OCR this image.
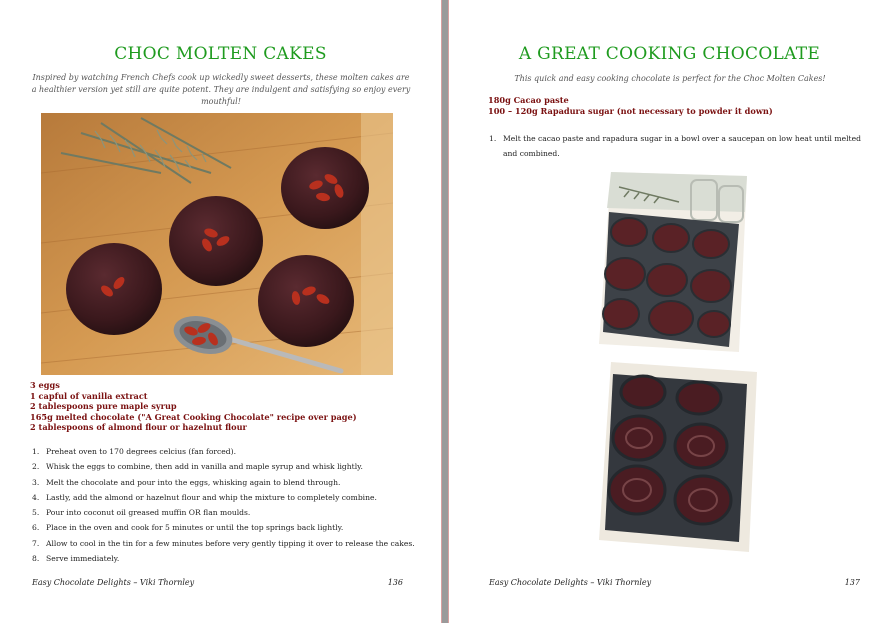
CHOC MOLTEN CAKES
Inspired by watching French Chefs cook up wickedly sweet desserts, these molten cakes are a healthier version yet still are quite potent. They are indulgent and satisfying so enjoy every mouthful!
3 eggs
1 capful of vanilla extract
2 tablespoons pure maple syrup
165g melted chocolate ("A Great Cooking Chocolate" recipe over page)
2 tablespoons of almond flour or hazelnut flour
1. Preheat oven to 170 degrees celcius (fan forced).
2. Whisk the eggs to combine, then add in vanilla and maple syrup and whisk lightly.
3. Melt the chocolate and pour into the eggs, whisking again to blend through.
4. Lastly, add the almond or hazelnut flour and whip the mixture to completely combine.
5. Pour into coconut oil greased muffin OR flan moulds.
6. Place in the oven and cook for 5 minutes or until the top springs back lightly.
7. Allow to cool in the tin for a few minutes before very gently tipping it over to release the cakes.
8. Serve immediately.
Easy Chocolate Delights – Viki Thornley	136
A GREAT COOKING CHOCOLATE
This quick and easy cooking chocolate is perfect for the Choc Molten Cakes!
180g Cacao paste
100 – 120g Rapadura sugar (not necessary to powder it down)
1. Melt the cacao paste and rapadura sugar in a bowl over a saucepan on low heat until melted and combined.
Easy Chocolate Delights – Viki Thornley	137
